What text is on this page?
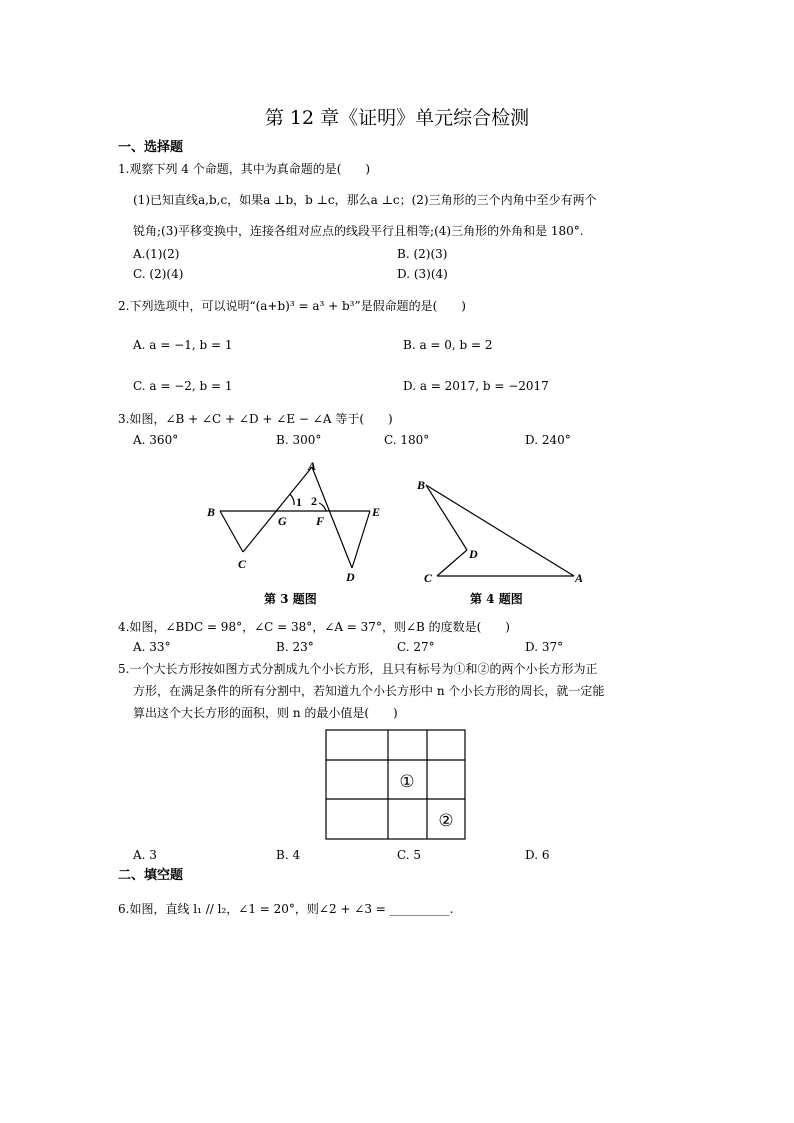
第 12 章《证明》单元综合检测
一、选择题
1.观察下列 4 个命题，其中为真命题的是(　　)
(1)已知直线a,b,c，如果a ⊥b，b ⊥c，那么a ⊥c；(2)三角形的三个内角中至少有两个
锐角;(3)平移变换中，连接各组对应点的线段平行且相等;(4)三角形的外角和是 180°.
A.(1)(2)	B. (2)(3)
C. (2)(4)	D. (3)(4)
2.下列选项中，可以说明“(a+b)³ = a³ + b³”是假命题的是(　　)
A. a = −1, b = 1	B. a = 0, b = 2
C. a = −2, b = 1	D. a = 2017, b = −2017
3.如图，∠B + ∠C + ∠D + ∠E − ∠A 等于(　　)
A. 360°	B. 300°	C. 180°	D. 240°
A
B
C
D
E
F
G
1 2
第 3 题图
B
D
C	A
第 4 题图
4.如图，∠BDC = 98°，∠C = 38°，∠A = 37°，则∠B 的度数是(　　)
A. 33°	B. 23°	C. 27°	D. 37°
5.一个大长方形按如图方式分割成九个小长方形，且只有标号为①和②的两个小长方形为正
方形，在满足条件的所有分割中，若知道九个小长方形中 n 个小长方形的周长，就一定能
算出这个大长方形的面积，则 n 的最小值是(　　)
①
②
A. 3	B. 4	C. 5	D. 6
二、填空题
6.如图，直线 l₁ // l₂，∠1 = 20°，则∠2 + ∠3 = __________.
